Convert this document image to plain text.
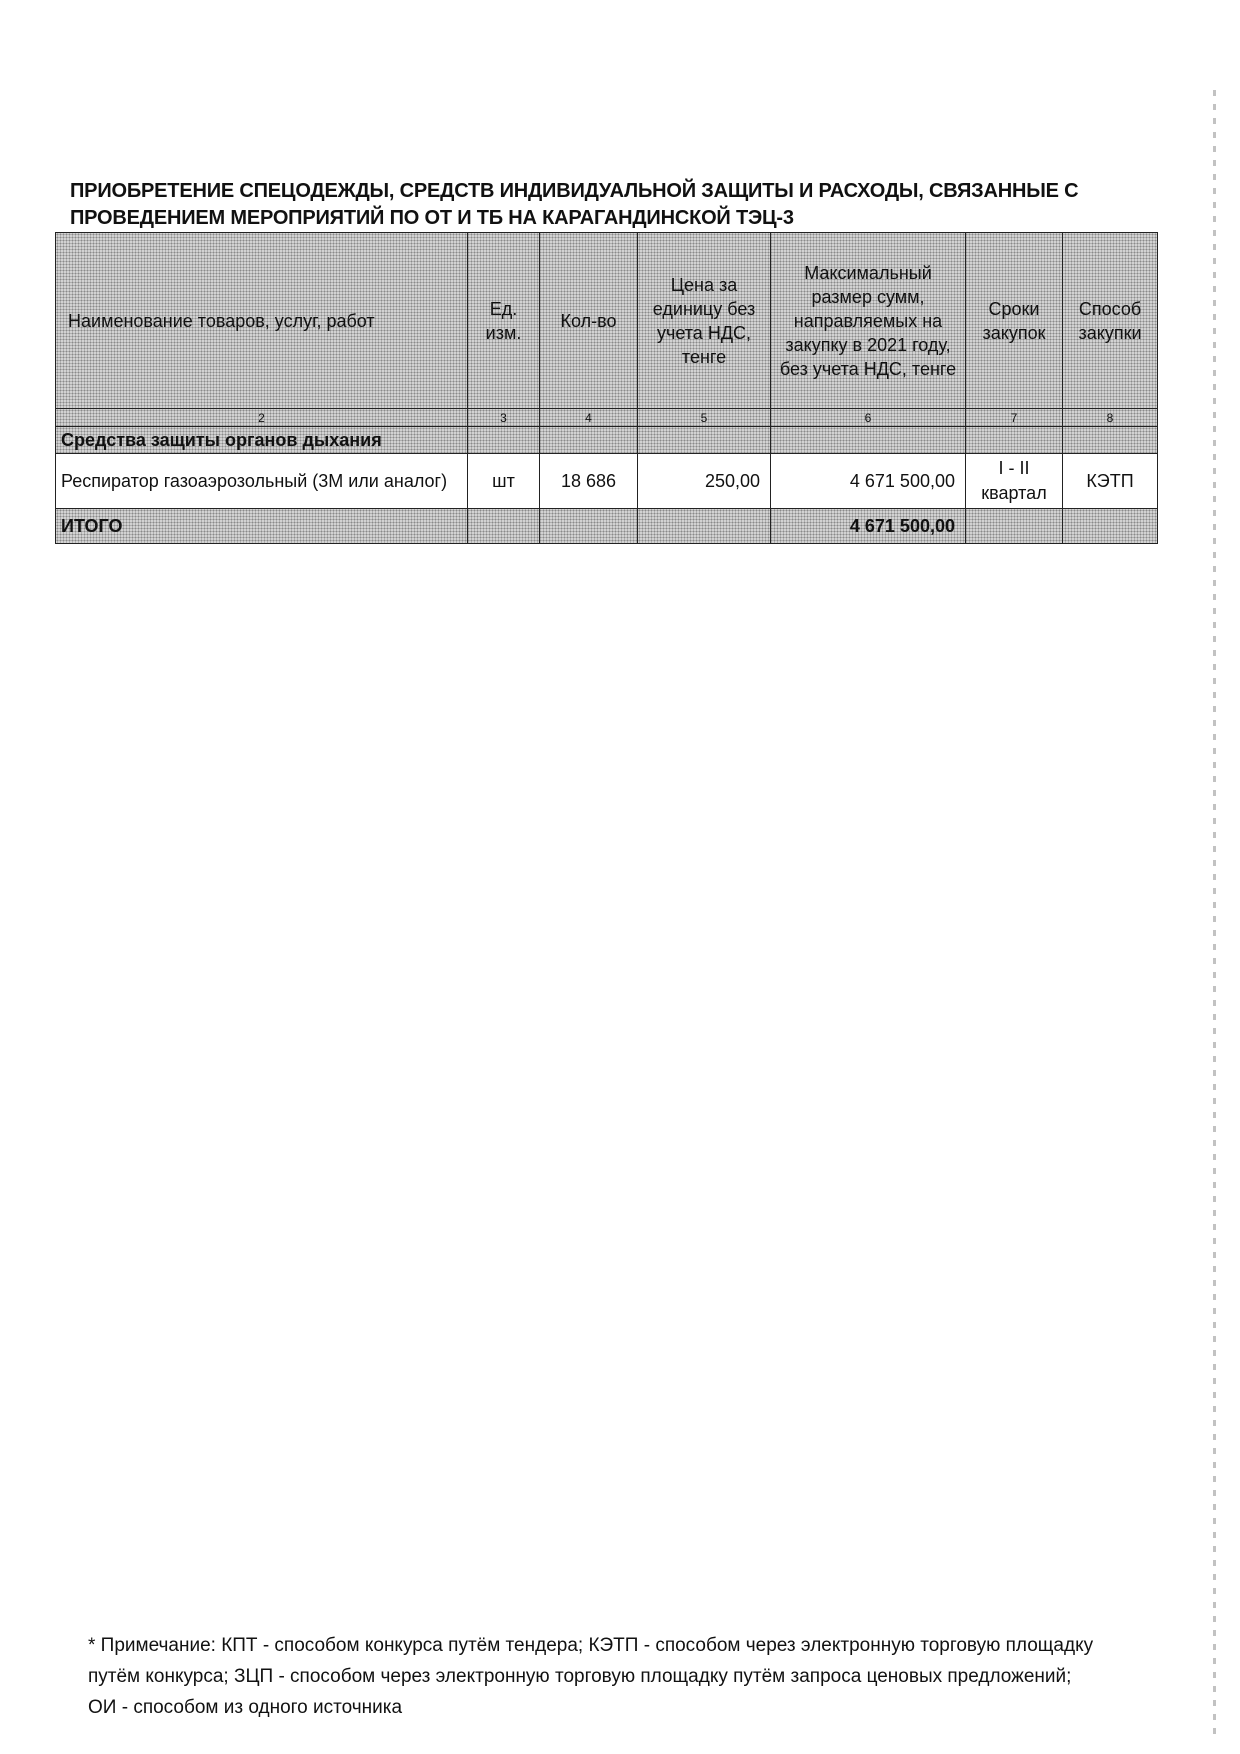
ПРИОБРЕТЕНИЕ СПЕЦОДЕЖДЫ, СРЕДСТВ ИНДИВИДУАЛЬНОЙ ЗАЩИТЫ И РАСХОДЫ, СВЯЗАННЫЕ С ПРОВЕДЕНИЕМ МЕРОПРИЯТИЙ ПО ОТ И ТБ НА КАРАГАНДИНСКОЙ ТЭЦ-3
Наименование товаров, услуг, работ	Ед. изм.	Кол-во	Цена за единицу без учета НДС, тенге	Максимальный размер сумм, направляемых на закупку в 2021 году, без учета НДС, тенге	Сроки закупок	Способ закупки
2	3	4	5	6	7	8
Средства защиты органов дыхания						
Респиратор газоаэрозольный (3М или аналог)	шт	18 686	250,00	4 671 500,00	I - II квартал	КЭТП
ИТОГО				4 671 500,00		
* Примечание: КПТ - способом конкурса путём тендера; КЭТП - способом через электронную торговую площадку путём конкурса; ЗЦП - способом через электронную торговую площадку путём запроса ценовых предложений; ОИ - способом из одного источника
